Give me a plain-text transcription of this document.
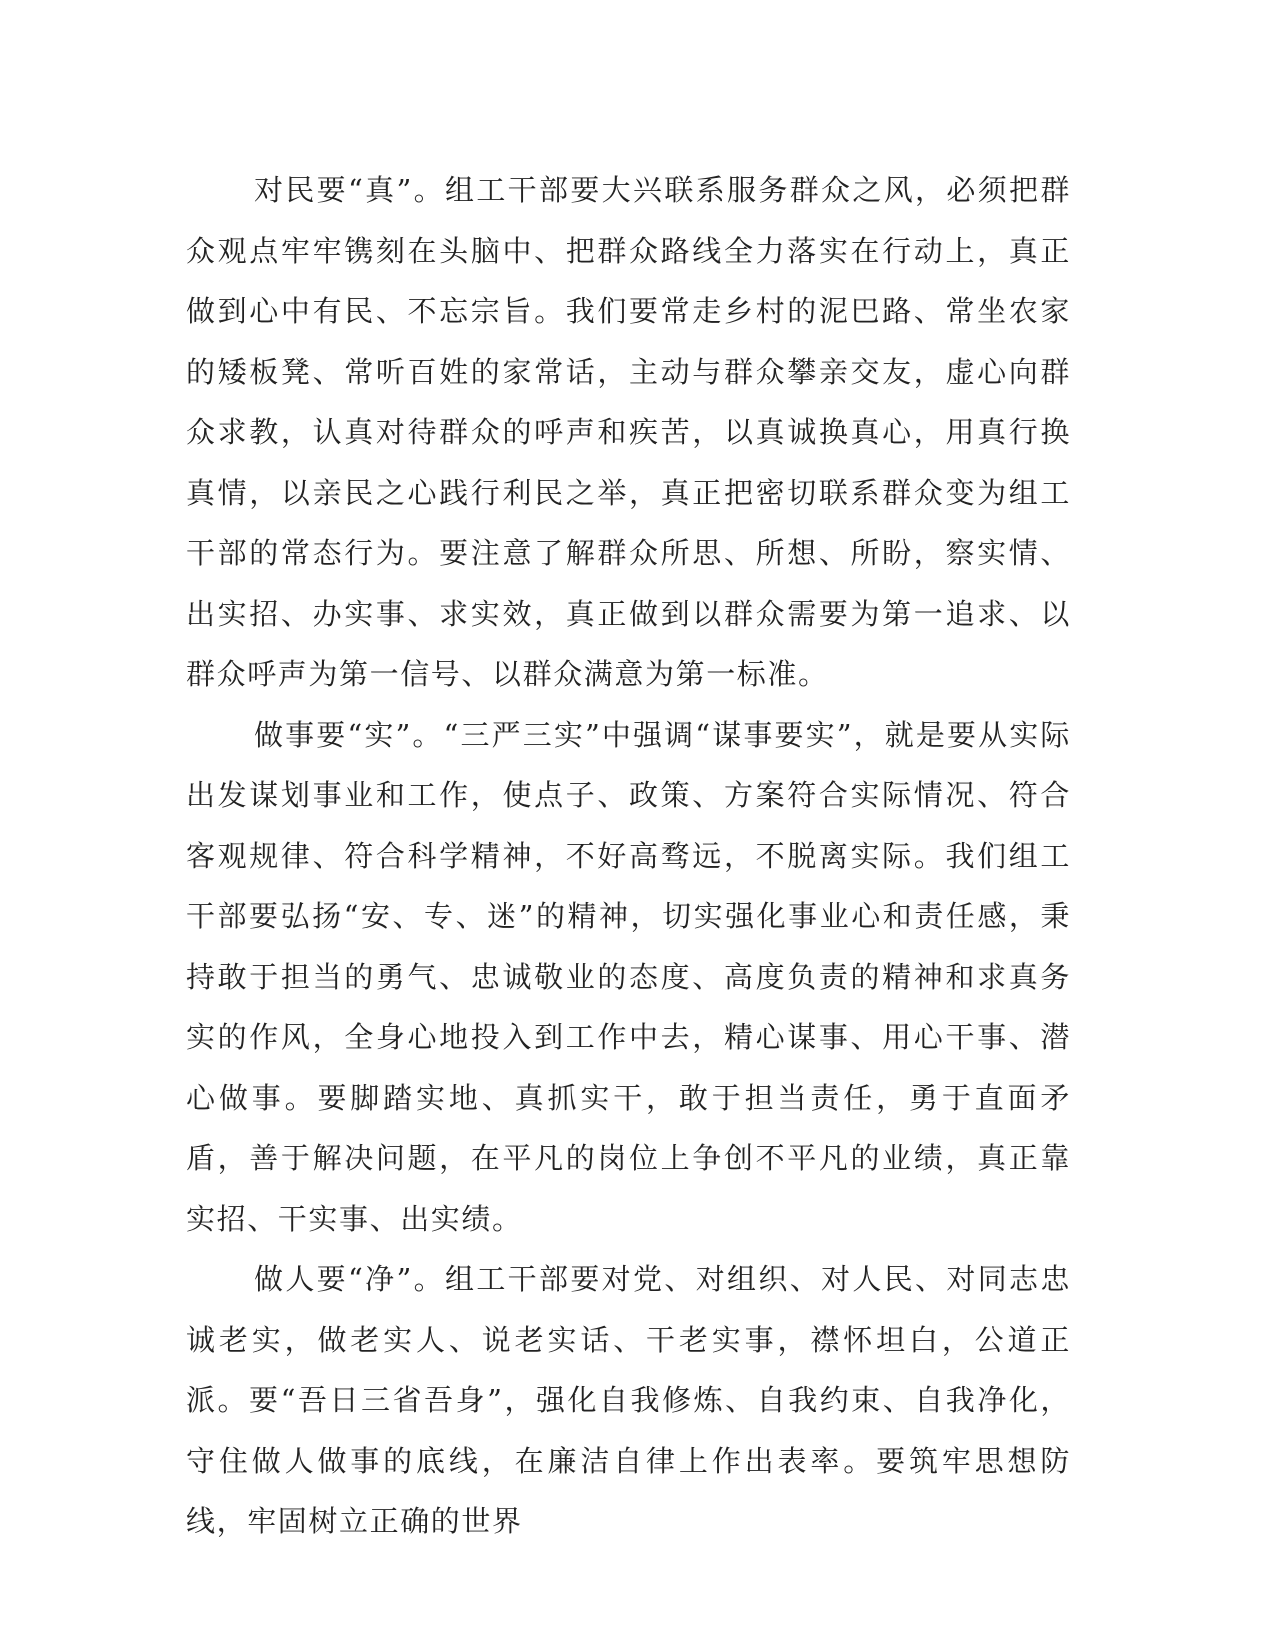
对民要“真”。组工干部要大兴联系服务群众之风，必须把群众观点牢牢镌刻在头脑中、把群众路线全力落实在行动上，真正做到心中有民、不忘宗旨。我们要常走乡村的泥巴路、常坐农家的矮板凳、常听百姓的家常话，主动与群众攀亲交友，虚心向群众求教，认真对待群众的呼声和疾苦，以真诚换真心，用真行换真情，以亲民之心践行利民之举，真正把密切联系群众变为组工干部的常态行为。要注意了解群众所思、所想、所盼，察实情、出实招、办实事、求实效，真正做到以群众需要为第一追求、以群众呼声为第一信号、以群众满意为第一标准。

做事要“实”。“三严三实”中强调“谋事要实”，就是要从实际出发谋划事业和工作，使点子、政策、方案符合实际情况、符合客观规律、符合科学精神，不好高骛远，不脱离实际。我们组工干部要弘扬“安、专、迷”的精神，切实强化事业心和责任感，秉持敢于担当的勇气、忠诚敬业的态度、高度负责的精神和求真务实的作风，全身心地投入到工作中去，精心谋事、用心干事、潜心做事。要脚踏实地、真抓实干，敢于担当责任，勇于直面矛盾，善于解决问题，在平凡的岗位上争创不平凡的业绩，真正靠实招、干实事、出实绩。

做人要“净”。组工干部要对党、对组织、对人民、对同志忠诚老实，做老实人、说老实话、干老实事，襟怀坦白，公道正派。要“吾日三省吾身”，强化自我修炼、自我约束、自我净化，守住做人做事的底线，在廉洁自律上作出表率。要筑牢思想防线，牢固树立正确的世界
